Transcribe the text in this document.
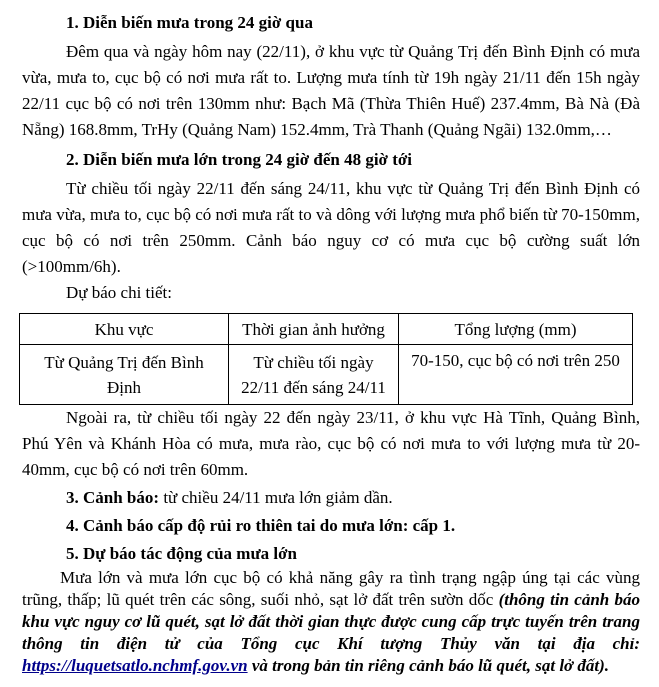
1. Diễn biến mưa trong 24 giờ qua

Đêm qua và ngày hôm nay (22/11), ở khu vực từ Quảng Trị đến Bình Định có mưa vừa, mưa to, cục bộ có nơi mưa rất to. Lượng mưa tính từ 19h ngày 21/11 đến 15h ngày 22/11 cục bộ có nơi trên 130mm như: Bạch Mã (Thừa Thiên Huế) 237.4mm, Bà Nà (Đà Nẵng) 168.8mm, TrHy (Quảng Nam) 152.4mm, Trà Thanh (Quảng Ngãi) 132.0mm,…

2. Diễn biến mưa lớn trong 24 giờ đến 48 giờ tới

Từ chiều tối ngày 22/11 đến sáng 24/11, khu vực từ Quảng Trị đến Bình Định có mưa vừa, mưa to, cục bộ có nơi mưa rất to và dông với lượng mưa phổ biến từ 70-150mm, cục bộ có nơi trên 250mm. Cảnh báo nguy cơ có mưa cục bộ cường suất lớn (>100mm/6h).

Dự báo chi tiết:

Khu vực	Thời gian ảnh hưởng	Tổng lượng (mm)
Từ Quảng Trị đến Bình Định	Từ chiều tối ngày 22/11 đến sáng 24/11	70-150, cục bộ có nơi trên 250

Ngoài ra, từ chiều tối ngày 22 đến ngày 23/11, ở khu vực Hà Tĩnh, Quảng Bình, Phú Yên và Khánh Hòa có mưa, mưa rào, cục bộ có nơi mưa to với lượng mưa từ 20-40mm, cục bộ có nơi trên 60mm.

3. Cảnh báo: từ chiều 24/11 mưa lớn giảm dần.

4. Cảnh báo cấp độ rủi ro thiên tai do mưa lớn: cấp 1.

5. Dự báo tác động của mưa lớn

Mưa lớn và mưa lớn cục bộ có khả năng gây ra tình trạng ngập úng tại các vùng trũng, thấp; lũ quét trên các sông, suối nhỏ, sạt lở đất trên sườn dốc (thông tin cảnh báo khu vực nguy cơ lũ quét, sạt lở đất thời gian thực được cung cấp trực tuyến trên trang thông tin điện tử của Tổng cục Khí tượng Thủy văn tại địa chỉ: https://luquetsatlo.nchmf.gov.vn và trong bản tin riêng cảnh báo lũ quét, sạt lở đất).
